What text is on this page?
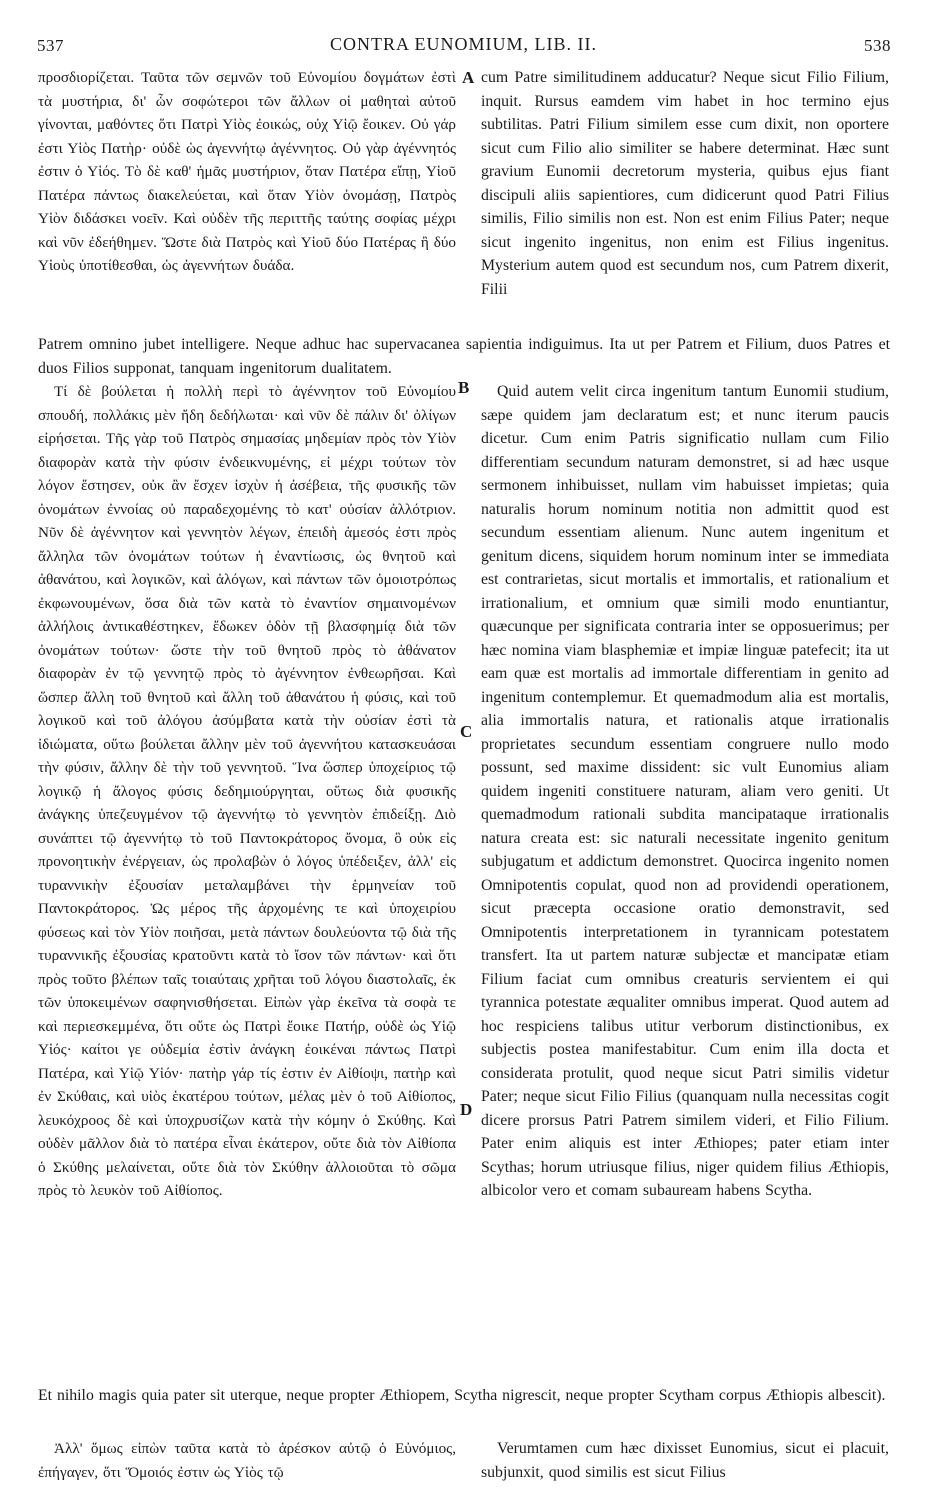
537	CONTRA EUNOMIUM, LIB. II.	538
A
B
C
D

προσδιορίζεται. Ταῦτα τῶν σεμνῶν τοῦ Εὐνομίου δογμάτων ἐστὶ τὰ μυστήρια, δι' ὧν σοφώτεροι τῶν ἄλλων οἱ μαθηταὶ αὐτοῦ γίνονται, μαθόντες ὅτι Πατρὶ Υἱὸς ἐοικώς, οὐχ Υἱῷ ἔοικεν. Οὐ γάρ ἐστι Υἱὸς Πατὴρ· οὐδὲ ὡς ἀγεννήτῳ ἀγέννητος. Οὐ γὰρ ἀγέννητός ἐστιν ὁ Υἱός. Τὸ δὲ καθ' ἡμᾶς μυστήριον, ὅταν Πατέρα εἴπῃ, Υἱοῦ Πατέρα πάντως διακελεύεται, καὶ ὅταν Υἱὸν ὀνομάσῃ, Πατρὸς Υἱὸν διδάσκει νοεῖν. Καὶ οὐδὲν τῆς περιττῆς ταύτης σοφίας μέχρι καὶ νῦν ἐδεήθημεν. Ὥστε διὰ Πατρὸς καὶ Υἱοῦ δύο Πατέρας ἢ δύο Υἱοὺς ὑποτίθεσθαι, ὡς ἀγεννήτων δυάδα.

cum Patre similitudinem adducatur? Neque sicut Filio Filium, inquit. Rursus eamdem vim habet in hoc termino ejus subtilitas. Patri Filium similem esse cum dixit, non oportere sicut cum Filio alio similiter se habere determinat. Hæc sunt gravium Eunomii decretorum mysteria, quibus ejus fiant discipuli aliis sapientiores, cum didicerunt quod Patri Filius similis, Filio similis non est. Non est enim Filius Pater; neque sicut ingenito ingenitus, non enim est Filius ingenitus. Mysterium autem quod est secundum nos, cum Patrem dixerit, Filii

Patrem omnino jubet intelligere. Neque adhuc hac supervacanea sapientia indiguimus. Ita ut per Patrem et Filium, duos Patres et duos Filios supponat, tanquam ingenitorum dualitatem.

Τί δὲ βούλεται ἡ πολλὴ περὶ τὸ ἀγέννητον τοῦ Εὐνομίου σπουδή, πολλάκις μὲν ἤδη δεδήλωται· καὶ νῦν δὲ πάλιν δι' ὀλίγων εἰρήσεται. Τῆς γὰρ τοῦ Πατρὸς σημασίας μηδεμίαν πρὸς τὸν Υἱὸν διαφορὰν κατὰ τὴν φύσιν ἐνδεικνυμένης, εἰ μέχρι τούτων τὸν λόγον ἔστησεν, οὐκ ἂν ἔσχεν ἰσχὺν ἡ ἀσέβεια, τῆς φυσικῆς τῶν ὀνομάτων ἐννοίας οὐ παραδεχομένης τὸ κατ' οὐσίαν ἀλλότριον. Νῦν δὲ ἀγέννητον καὶ γεννητὸν λέγων, ἐπειδὴ ἀμεσός ἐστι πρὸς ἄλληλα τῶν ὀνομάτων τούτων ἡ ἐναντίωσις, ὡς θνητοῦ καὶ ἀθανάτου, καὶ λογικῶν, καὶ ἀλόγων, καὶ πάντων τῶν ὁμοιοτρόπως ἐκφωνουμένων, ὅσα διὰ τῶν κατὰ τὸ ἐναντίον σημαινομένων ἀλλήλοις ἀντικαθέστηκεν, ἔδωκεν ὁδὸν τῇ βλασφημίᾳ διὰ τῶν ὀνομάτων τούτων· ὥστε τὴν τοῦ θνητοῦ πρὸς τὸ ἀθάνατον διαφορὰν ἐν τῷ γεννητῷ πρὸς τὸ ἀγέννητον ἐνθεωρῆσαι. Καὶ ὥσπερ ἄλλη τοῦ θνητοῦ καὶ ἄλλη τοῦ ἀθανάτου ἡ φύσις, καὶ τοῦ λογικοῦ καὶ τοῦ ἀλόγου ἀσύμβατα κατὰ τὴν οὐσίαν ἐστὶ τὰ ἰδιώματα, οὕτω βούλεται ἄλλην μὲν τοῦ ἀγεννήτου κατασκευάσαι τὴν φύσιν, ἄλλην δὲ τὴν τοῦ γεννητοῦ. Ἵνα ὥσπερ ὑποχείριος τῷ λογικῷ ἡ ἄλογος φύσις δεδημιούργηται, οὕτως διὰ φυσικῆς ἀνάγκης ὑπεζευγμένον τῷ ἀγεννήτῳ τὸ γεννητὸν ἐπιδείξῃ. Διὸ συνάπτει τῷ ἀγεννήτῳ τὸ τοῦ Παντοκράτορος ὄνομα, ὃ οὐκ εἰς προνοητικὴν ἐνέργειαν, ὡς προλαβὼν ὁ λόγος ὑπέδειξεν, ἀλλ' εἰς τυραννικὴν ἐξουσίαν μεταλαμβάνει τὴν ἑρμηνείαν τοῦ Παντοκράτορος. Ὡς μέρος τῆς ἀρχομένης τε καὶ ὑποχειρίου φύσεως καὶ τὸν Υἱὸν ποιῆσαι, μετὰ πάντων δουλεύοντα τῷ διὰ τῆς τυραννικῆς ἐξουσίας κρατοῦντι κατὰ τὸ ἴσον τῶν πάντων· καὶ ὅτι πρὸς τοῦτο βλέπων ταῖς τοιαύταις χρῆται τοῦ λόγου διαστολαῖς, ἐκ τῶν ὑποκειμένων σαφηνισθήσεται. Εἰπὼν γὰρ ἐκεῖνα τὰ σοφὰ τε καὶ περιεσκεμμένα, ὅτι οὔτε ὡς Πατρὶ ἔοικε Πατήρ, οὐδὲ ὡς Υἱῷ Υἱός· καίτοι γε οὐδεμία ἐστὶν ἀνάγκη ἐοικέναι πάντως Πατρὶ Πατέρα, καὶ Υἱῷ Υἱόν· πατὴρ γάρ τίς ἐστιν ἐν Αἰθίοψι, πατὴρ καὶ ἐν Σκύθαις, καὶ υἱὸς ἑκατέρου τούτων, μέλας μὲν ὁ τοῦ Αἰθίοπος, λευκόχροος δὲ καὶ ὑποχρυσίζων κατὰ τὴν κόμην ὁ Σκύθης. Καὶ οὐδὲν μᾶλλον διὰ τὸ πατέρα εἶναι ἑκάτερον, οὔτε διὰ τὸν Αἰθίοπα ὁ Σκύθης μελαίνεται, οὔτε διὰ τὸν Σκύθην ἀλλοιοῦται τὸ σῶμα πρὸς τὸ λευκὸν τοῦ Αἰθίοπος.

Quid autem velit circa ingenitum tantum Eunomii studium, sæpe quidem jam declaratum est; et nunc iterum paucis dicetur. Cum enim Patris significatio nullam cum Filio differentiam secundum naturam demonstret, si ad hæc usque sermonem inhibuisset, nullam vim habuisset impietas; quia naturalis horum nominum notitia non admittit quod est secundum essentiam alienum. Nunc autem ingenitum et genitum dicens, siquidem horum nominum inter se immediata est contrarietas, sicut mortalis et immortalis, et rationalium et irrationalium, et omnium quæ simili modo enuntiantur, quæcunque per significata contraria inter se opposuerimus; per hæc nomina viam blasphemiæ et impiæ linguæ patefecit; ita ut eam quæ est mortalis ad immortale differentiam in genito ad ingenitum contemplemur. Et quemadmodum alia est mortalis, alia immortalis natura, et rationalis atque irrationalis proprietates secundum essentiam congruere nullo modo possunt, sed maxime dissident: sic vult Eunomius aliam quidem ingeniti constituere naturam, aliam vero geniti. Ut quemadmodum rationali subdita mancipataque irrationalis natura creata est: sic naturali necessitate ingenito genitum subjugatum et addictum demonstret. Quocirca ingenito nomen Omnipotentis copulat, quod non ad providendi operationem, sicut præcepta occasione oratio demonstravit, sed Omnipotentis interpretationem in tyrannicam potestatem transfert. Ita ut partem naturæ subjectæ et mancipatæ etiam Filium faciat cum omnibus creaturis servientem ei qui tyrannica potestate æqualiter omnibus imperat. Quod autem ad hoc respiciens talibus utitur verborum distinctionibus, ex subjectis postea manifestabitur. Cum enim illa docta et considerata protulit, quod neque sicut Patri similis videtur Pater; neque sicut Filio Filius (quanquam nulla necessitas cogit dicere prorsus Patri Patrem similem videri, et Filio Filium. Pater enim aliquis est inter Æthiopes; pater etiam inter Scythas; horum utriusque filius, niger quidem filius Æthiopis, albicolor vero et comam subauream habens Scytha.

Et nihilo magis quia pater sit uterque, neque propter Æthiopem, Scytha nigrescit, neque propter Scytham corpus Æthiopis albescit).

Ἀλλ' ὅμως εἰπὼν ταῦτα κατὰ τὸ ἀρέσκον αὐτῷ ὁ Εὐνόμιος, ἐπήγαγεν, ὅτι Ὅμοιός ἐστιν ὡς Υἱὸς τῷ

Verumtamen cum hæc dixisset Eunomius, sicut ei placuit, subjunxit, quod similis est sicut Filius
